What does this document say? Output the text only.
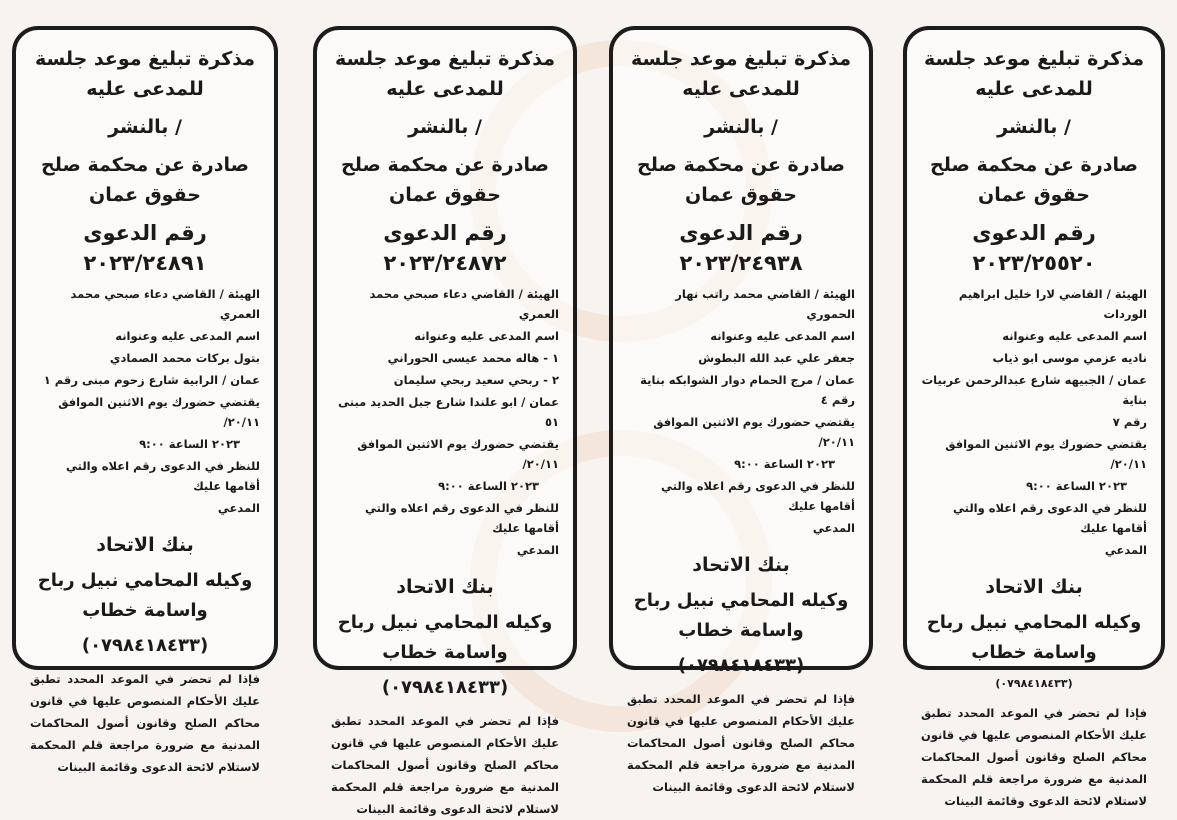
مذكرة تبليغ موعد جلسة للمدعى عليه
/ بالنشر
صادرة عن محكمة صلح حقوق عمان
رقم الدعوى ٢٠٢٣/٢٤٨٩١
الهيئة / القاضي دعاء صبحي محمد العمري
اسم المدعى عليه وعنوانه
بتول بركات محمد الصمادي
عمان / الرابية شارع زحوم مبنى رقم ١
يقتضي حضورك يوم الاثنين الموافق ٢٠/١١/
٢٠٢٣ الساعة ٩:٠٠
للنظر في الدعوى رقم اعلاه والتي أقامها عليك
المدعي
بنك الاتحاد
وكيله المحامي نبيل رباح واسامة خطاب
(٠٧٩٨٤١٨٤٣٣)
فإذا لم تحضر في الموعد المحدد تطبق عليك الأحكام المنصوص عليها في قانون محاكم الصلح وقانون أصول المحاكمات المدنية مع ضرورة مراجعة قلم المحكمة لاستلام لائحة الدعوى وقائمة البينات
مذكرة تبليغ موعد جلسة للمدعى عليه
/ بالنشر
صادرة عن محكمة صلح حقوق عمان
رقم الدعوى ٢٠٢٣/٢٤٨٧٢
الهيئة / القاضي دعاء صبحي محمد العمري
اسم المدعى عليه وعنوانه
١ - هاله محمد عيسى الحوراني
٢ - ربحي سعيد ربحي سليمان
عمان / ابو علندا شارع جبل الحديد مبنى ٥١
يقتضي حضورك يوم الاثنين الموافق ٢٠/١١/
٢٠٢٣ الساعة ٩:٠٠
للنظر في الدعوى رقم اعلاه والتي أقامها عليك
المدعي
بنك الاتحاد
وكيله المحامي نبيل رباح واسامة خطاب
(٠٧٩٨٤١٨٤٣٣)
فإذا لم تحضر في الموعد المحدد تطبق عليك الأحكام المنصوص عليها في قانون محاكم الصلح وقانون أصول المحاكمات المدنية مع ضرورة مراجعة قلم المحكمة لاستلام لائحة الدعوى وقائمة البينات
مذكرة تبليغ موعد جلسة للمدعى عليه
/ بالنشر
صادرة عن محكمة صلح حقوق عمان
رقم الدعوى ٢٠٢٣/٢٤٩٣٨
الهيئة / القاضي محمد راتب نهار الحموري
اسم المدعى عليه وعنوانه
جعفر علي عبد الله البطوش
عمان / مرج الحمام دوار الشوابكه بناية رقم ٤
يقتضي حضورك يوم الاثنين الموافق ٢٠/١١/
٢٠٢٣ الساعة ٩:٠٠
للنظر في الدعوى رقم اعلاه والتي أقامها عليك
المدعي
بنك الاتحاد
وكيله المحامي نبيل رباح واسامة خطاب
(٠٧٩٨٤١٨٤٣٣)
فإذا لم تحضر في الموعد المحدد تطبق عليك الأحكام المنصوص عليها في قانون محاكم الصلح وقانون أصول المحاكمات المدنية مع ضرورة مراجعة قلم المحكمة لاستلام لائحة الدعوى وقائمة البينات
مذكرة تبليغ موعد جلسة للمدعى عليه
/ بالنشر
صادرة عن محكمة صلح حقوق عمان
رقم الدعوى ٢٠٢٣/٢٥٥٢٠
الهيئة / القاضي لارا خليل ابراهيم الوردات
اسم المدعى عليه وعنوانه
ناديه عزمي موسى ابو ذياب
عمان / الجبيهه شارع عبدالرحمن عربيات بناية
رقم ٧
يقتضي حضورك يوم الاثنين الموافق ٢٠/١١/
٢٠٢٣ الساعة ٩:٠٠
للنظر في الدعوى رقم اعلاه والتي أقامها عليك
المدعي
بنك الاتحاد
وكيله المحامي نبيل رباح واسامة خطاب
(٠٧٩٨٤١٨٤٣٣)
فإذا لم تحضر في الموعد المحدد تطبق عليك الأحكام المنصوص عليها في قانون محاكم الصلح وقانون أصول المحاكمات المدنية مع ضرورة مراجعة قلم المحكمة لاستلام لائحة الدعوى وقائمة البينات
